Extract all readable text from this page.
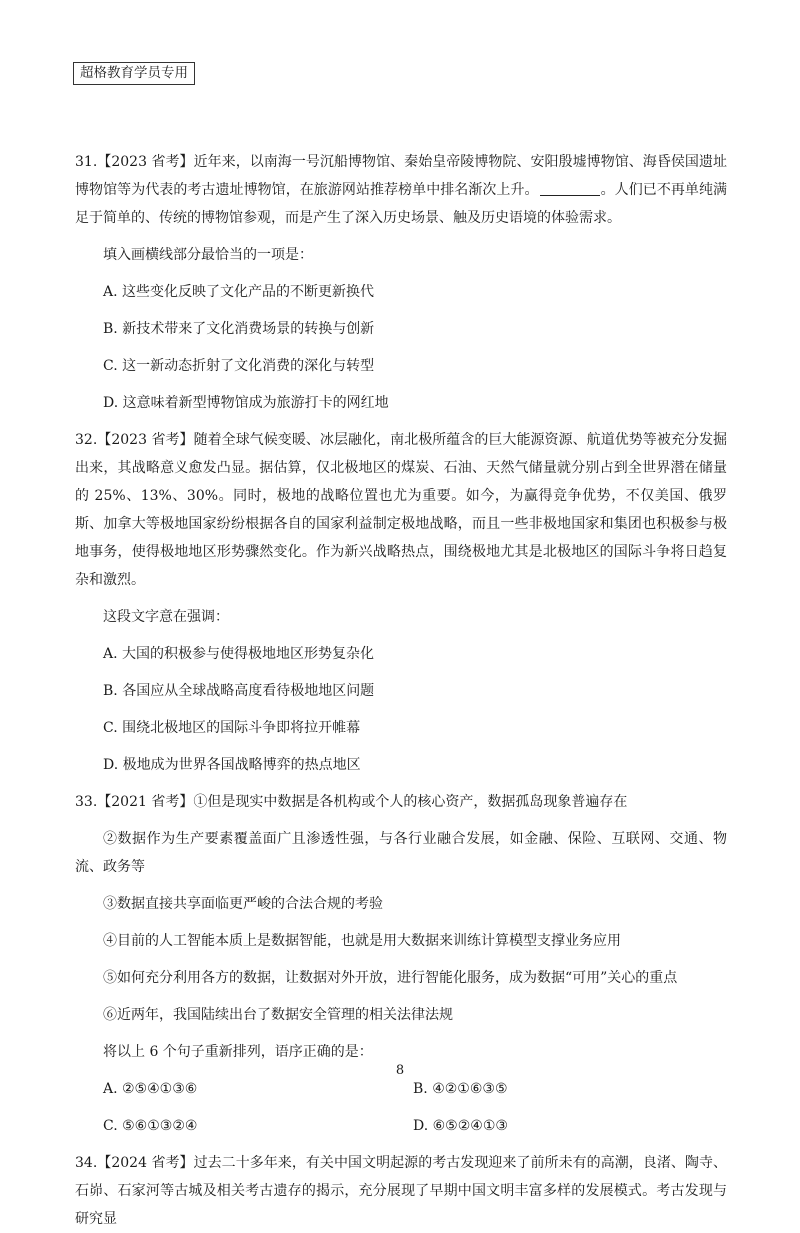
超格教育学员专用
31.【2023 省考】近年来，以南海一号沉船博物馆、秦始皇帝陵博物院、安阳殷墟博物馆、海昏侯国遗址博物馆等为代表的考古遗址博物馆，在旅游网站推荐榜单中排名渐次上升。	。人们已不再单纯满足于简单的、传统的博物馆参观，而是产生了深入历史场景、触及历史语境的体验需求。
填入画横线部分最恰当的一项是：
A. 这些变化反映了文化产品的不断更新换代
B. 新技术带来了文化消费场景的转换与创新
C. 这一新动态折射了文化消费的深化与转型
D. 这意味着新型博物馆成为旅游打卡的网红地
32.【2023 省考】随着全球气候变暖、冰层融化，南北极所蕴含的巨大能源资源、航道优势等被充分发掘出来，其战略意义愈发凸显。据估算，仅北极地区的煤炭、石油、天然气储量就分别占到全世界潜在储量的 25%、13%、30%。同时，极地的战略位置也尤为重要。如今，为赢得竞争优势，不仅美国、俄罗斯、加拿大等极地国家纷纷根据各自的国家利益制定极地战略，而且一些非极地国家和集团也积极参与极地事务，使得极地地区形势骤然变化。作为新兴战略热点，围绕极地尤其是北极地区的国际斗争将日趋复杂和激烈。
这段文字意在强调：
A. 大国的积极参与使得极地地区形势复杂化
B. 各国应从全球战略高度看待极地地区问题
C. 围绕北极地区的国际斗争即将拉开帷幕
D. 极地成为世界各国战略博弈的热点地区
33.【2021 省考】①但是现实中数据是各机构或个人的核心资产，数据孤岛现象普遍存在
②数据作为生产要素覆盖面广且渗透性强，与各行业融合发展，如金融、保险、互联网、交通、物流、政务等
③数据直接共享面临更严峻的合法合规的考验
④目前的人工智能本质上是数据智能，也就是用大数据来训练计算模型支撑业务应用
⑤如何充分利用各方的数据，让数据对外开放，进行智能化服务，成为数据“可用”关心的重点
⑥近两年，我国陆续出台了数据安全管理的相关法律法规
将以上 6 个句子重新排列，语序正确的是：
A. ②⑤④①③⑥	B. ④②①⑥③⑤
C. ⑤⑥①③②④	D. ⑥⑤②④①③
34.【2024 省考】过去二十多年来，有关中国文明起源的考古发现迎来了前所未有的高潮，良渚、陶寺、石峁、石家河等古城及相关考古遗存的揭示，充分展现了早期中国文明丰富多样的发展模式。考古发现与研究显
8
